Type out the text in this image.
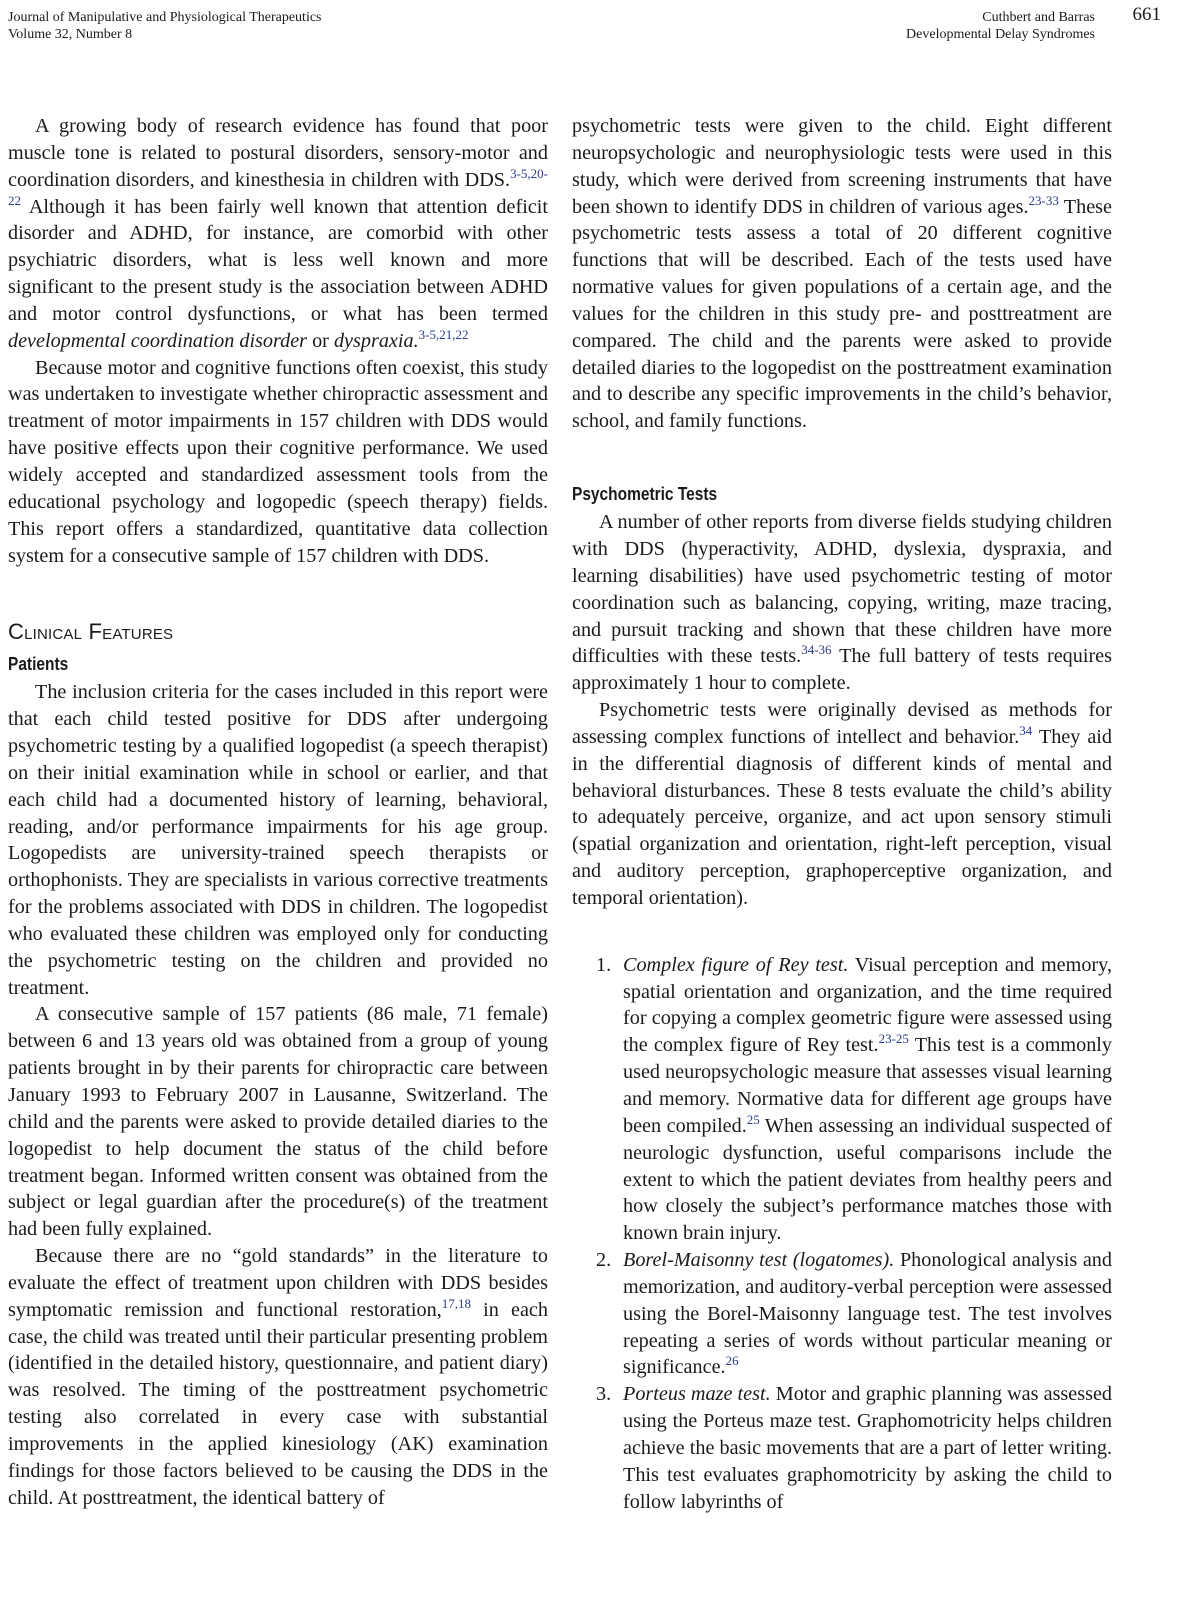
Journal of Manipulative and Physiological Therapeutics
Volume 32, Number 8
Cuthbert and Barras
Developmental Delay Syndromes
661

A growing body of research evidence has found that poor muscle tone is related to postural disorders, sensory-motor and coordination disorders, and kinesthesia in children with DDS.$^{3-5,20-22}$ Although it has been fairly well known that attention deficit disorder and ADHD, for instance, are comorbid with other psychiatric disorders, what is less well known and more significant to the present study is the association between ADHD and motor control dysfunctions, or what has been termed developmental coordination disorder or dyspraxia.$^{3-5,21,22}$

Because motor and cognitive functions often coexist, this study was undertaken to investigate whether chiropractic assessment and treatment of motor impairments in 157 children with DDS would have positive effects upon their cognitive performance. We used widely accepted and standardized assessment tools from the educational psychology and logopedic (speech therapy) fields. This report offers a standardized, quantitative data collection system for a consecutive sample of 157 children with DDS.

Clinical Features
Patients

The inclusion criteria for the cases included in this report were that each child tested positive for DDS after undergoing psychometric testing by a qualified logopedist (a speech therapist) on their initial examination while in school or earlier, and that each child had a documented history of learning, behavioral, reading, and/or performance impairments for his age group. Logopedists are university-trained speech therapists or orthophonists. They are specialists in various corrective treatments for the problems associated with DDS in children. The logopedist who evaluated these children was employed only for conducting the psychometric testing on the children and provided no treatment.

A consecutive sample of 157 patients (86 male, 71 female) between 6 and 13 years old was obtained from a group of young patients brought in by their parents for chiropractic care between January 1993 to February 2007 in Lausanne, Switzerland. The child and the parents were asked to provide detailed diaries to the logopedist to help document the status of the child before treatment began. Informed written consent was obtained from the subject or legal guardian after the procedure(s) of the treatment had been fully explained.

Because there are no “gold standards” in the literature to evaluate the effect of treatment upon children with DDS besides symptomatic remission and functional restoration,$^{17,18}$ in each case, the child was treated until their particular presenting problem (identified in the detailed history, questionnaire, and patient diary) was resolved. The timing of the posttreatment psychometric testing also correlated in every case with substantial improvements in the applied kinesiology (AK) examination findings for those factors believed to be causing the DDS in the child. At posttreatment, the identical battery of

psychometric tests were given to the child. Eight different neuropsychologic and neurophysiologic tests were used in this study, which were derived from screening instruments that have been shown to identify DDS in children of various ages.$^{23-33}$ These psychometric tests assess a total of 20 different cognitive functions that will be described. Each of the tests used have normative values for given populations of a certain age, and the values for the children in this study pre- and posttreatment are compared. The child and the parents were asked to provide detailed diaries to the logopedist on the posttreatment examination and to describe any specific improvements in the child’s behavior, school, and family functions.

Psychometric Tests

A number of other reports from diverse fields studying children with DDS (hyperactivity, ADHD, dyslexia, dyspraxia, and learning disabilities) have used psychometric testing of motor coordination such as balancing, copying, writing, maze tracing, and pursuit tracking and shown that these children have more difficulties with these tests.$^{34-36}$ The full battery of tests requires approximately 1 hour to complete.

Psychometric tests were originally devised as methods for assessing complex functions of intellect and behavior.$^{34}$ They aid in the differential diagnosis of different kinds of mental and behavioral disturbances. These 8 tests evaluate the child’s ability to adequately perceive, organize, and act upon sensory stimuli (spatial organization and orientation, right-left perception, visual and auditory perception, graphoperceptive organization, and temporal orientation).

1. Complex figure of Rey test. Visual perception and memory, spatial orientation and organization, and the time required for copying a complex geometric figure were assessed using the complex figure of Rey test.$^{23-25}$ This test is a commonly used neuropsychologic measure that assesses visual learning and memory. Normative data for different age groups have been compiled.$^{25}$ When assessing an individual suspected of neurologic dysfunction, useful comparisons include the extent to which the patient deviates from healthy peers and how closely the subject’s performance matches those with known brain injury.
2. Borel-Maisonny test (logatomes). Phonological analysis and memorization, and auditory-verbal perception were assessed using the Borel-Maisonny language test. The test involves repeating a series of words without particular meaning or significance.$^{26}$
3. Porteus maze test. Motor and graphic planning was assessed using the Porteus maze test. Graphomotricity helps children achieve the basic movements that are a part of letter writing. This test evaluates graphomotricity by asking the child to follow labyrinths of
